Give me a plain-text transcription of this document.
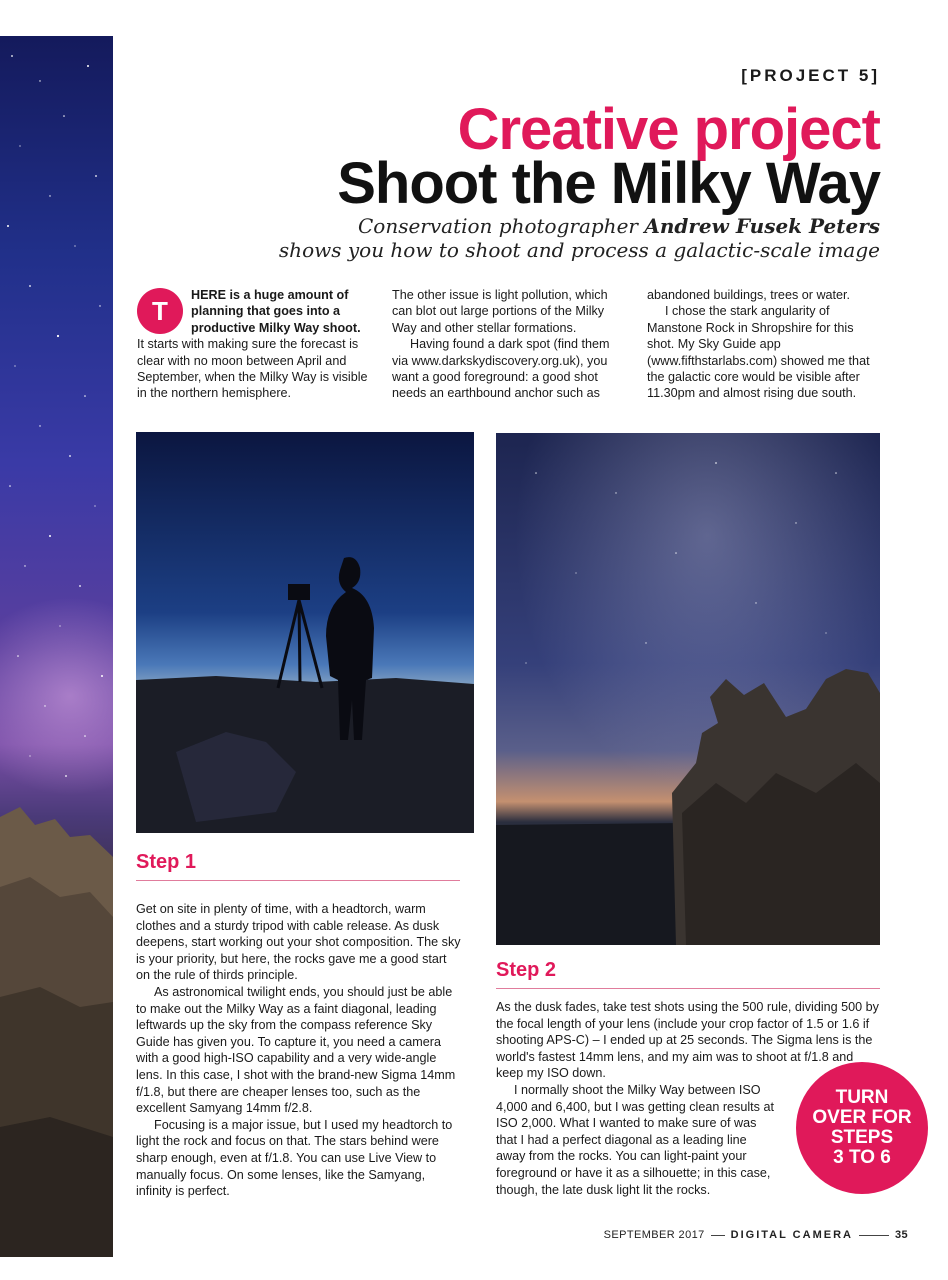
[PROJECT 5]
Creative project
Shoot the Milky Way
Conservation photographer Andrew Fusek Peters
shows you how to shoot and process a galactic-scale image

T
HERE is a huge amount of planning that goes into a productive Milky Way shoot. It starts with making sure the forecast is clear with no moon between April and September, when the Milky Way is visible in the northern hemisphere.

The other issue is light pollution, which can blot out large portions of the Milky Way and other stellar formations.

Having found a dark spot (find them via www.darkskydiscovery.org.uk), you want a good foreground: a good shot needs an earthbound anchor such as

abandoned buildings, trees or water.

I chose the stark angularity of Manstone Rock in Shropshire for this shot. My Sky Guide app (www.fifthstarlabs.com) showed me that the galactic core would be visible after 11.30pm and almost rising due south.

Step 1

Get on site in plenty of time, with a headtorch, warm clothes and a sturdy tripod with cable release. As dusk deepens, start working out your shot composition. The sky is your priority, but here, the rocks gave me a good start on the rule of thirds principle.

As astronomical twilight ends, you should just be able to make out the Milky Way as a faint diagonal, leading leftwards up the sky from the compass reference Sky Guide has given you. To capture it, you need a camera with a good high-ISO capability and a very wide-angle lens. In this case, I shot with the brand-new Sigma 14mm f/1.8, but there are cheaper lenses too, such as the excellent Samyang 14mm f/2.8.

Focusing is a major issue, but I used my headtorch to light the rock and focus on that. The stars behind were sharp enough, even at f/1.8. You can use Live View to manually focus. On some lenses, like the Samyang, infinity is perfect.

Step 2

As the dusk fades, take test shots using the 500 rule, dividing 500 by the focal length of your lens (include your crop factor of 1.5 or 1.6 if shooting APS-C) – I ended up at 25 seconds. The Sigma lens is the world's fastest 14mm lens, and my aim was to shoot at f/1.8 and keep my ISO down.

I normally shoot the Milky Way between ISO 4,000 and 6,400, but I was getting clean results at ISO 2,000. What I wanted to make sure of was that I had a perfect diagonal as a leading line away from the rocks. You can light-paint your foreground or have it as a silhouette; in this case, though, the late dusk light lit the rocks.

TURN
OVER FOR
STEPS
3 TO 6
SEPTEMBER 2017 DIGITAL CAMERA	35
